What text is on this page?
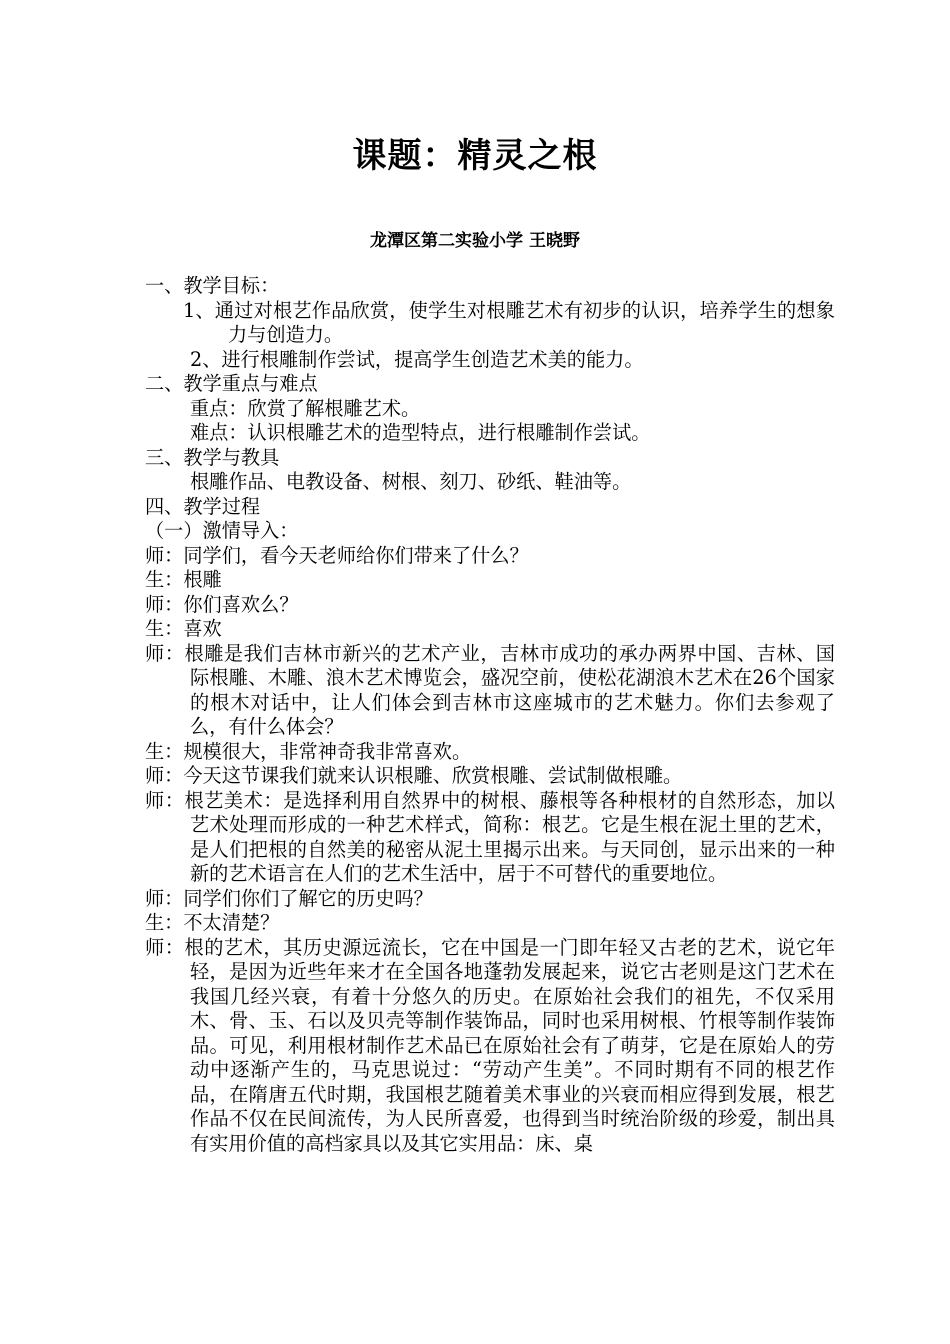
课题：精灵之根
龙潭区第二实验小学 王晓野
一、教学目标：
1、通过对根艺作品欣赏，使学生对根雕艺术有初步的认识，培养学生的想象力与创造力。
2、进行根雕制作尝试，提高学生创造艺术美的能力。
二、教学重点与难点
重点：欣赏了解根雕艺术。
难点：认识根雕艺术的造型特点，进行根雕制作尝试。
三、教学与教具
根雕作品、电教设备、树根、刻刀、砂纸、鞋油等。
四、教学过程
（一）激情导入：
师：同学们，看今天老师给你们带来了什么？
生：根雕
师：你们喜欢么？
生：喜欢
师：根雕是我们吉林市新兴的艺术产业，吉林市成功的承办两界中国、吉林、国际根雕、木雕、浪木艺术博览会，盛况空前，使松花湖浪木艺术在26个国家的根木对话中，让人们体会到吉林市这座城市的艺术魅力。你们去参观了么，有什么体会？
生：规模很大，非常神奇我非常喜欢。
师：今天这节课我们就来认识根雕、欣赏根雕、尝试制做根雕。
师：根艺美术：是选择利用自然界中的树根、藤根等各种根材的自然形态，加以艺术处理而形成的一种艺术样式，简称：根艺。它是生根在泥土里的艺术，是人们把根的自然美的秘密从泥土里揭示出来。与天同创，显示出来的一种新的艺术语言在人们的艺术生活中，居于不可替代的重要地位。
师：同学们你们了解它的历史吗？
生：不太清楚？
师：根的艺术，其历史源远流长，它在中国是一门即年轻又古老的艺术，说它年轻，是因为近些年来才在全国各地蓬勃发展起来，说它古老则是这门艺术在我国几经兴衰，有着十分悠久的历史。在原始社会我们的祖先，不仅采用木、骨、玉、石以及贝壳等制作装饰品，同时也采用树根、竹根等制作装饰品。可见，利用根材制作艺术品已在原始社会有了萌芽，它是在原始人的劳动中逐渐产生的，马克思说过：“劳动产生美”。不同时期有不同的根艺作品，在隋唐五代时期，我国根艺随着美术事业的兴衰而相应得到发展，根艺作品不仅在民间流传，为人民所喜爱，也得到当时统治阶级的珍爱，制出具有实用价值的高档家具以及其它实用品：床、桌
